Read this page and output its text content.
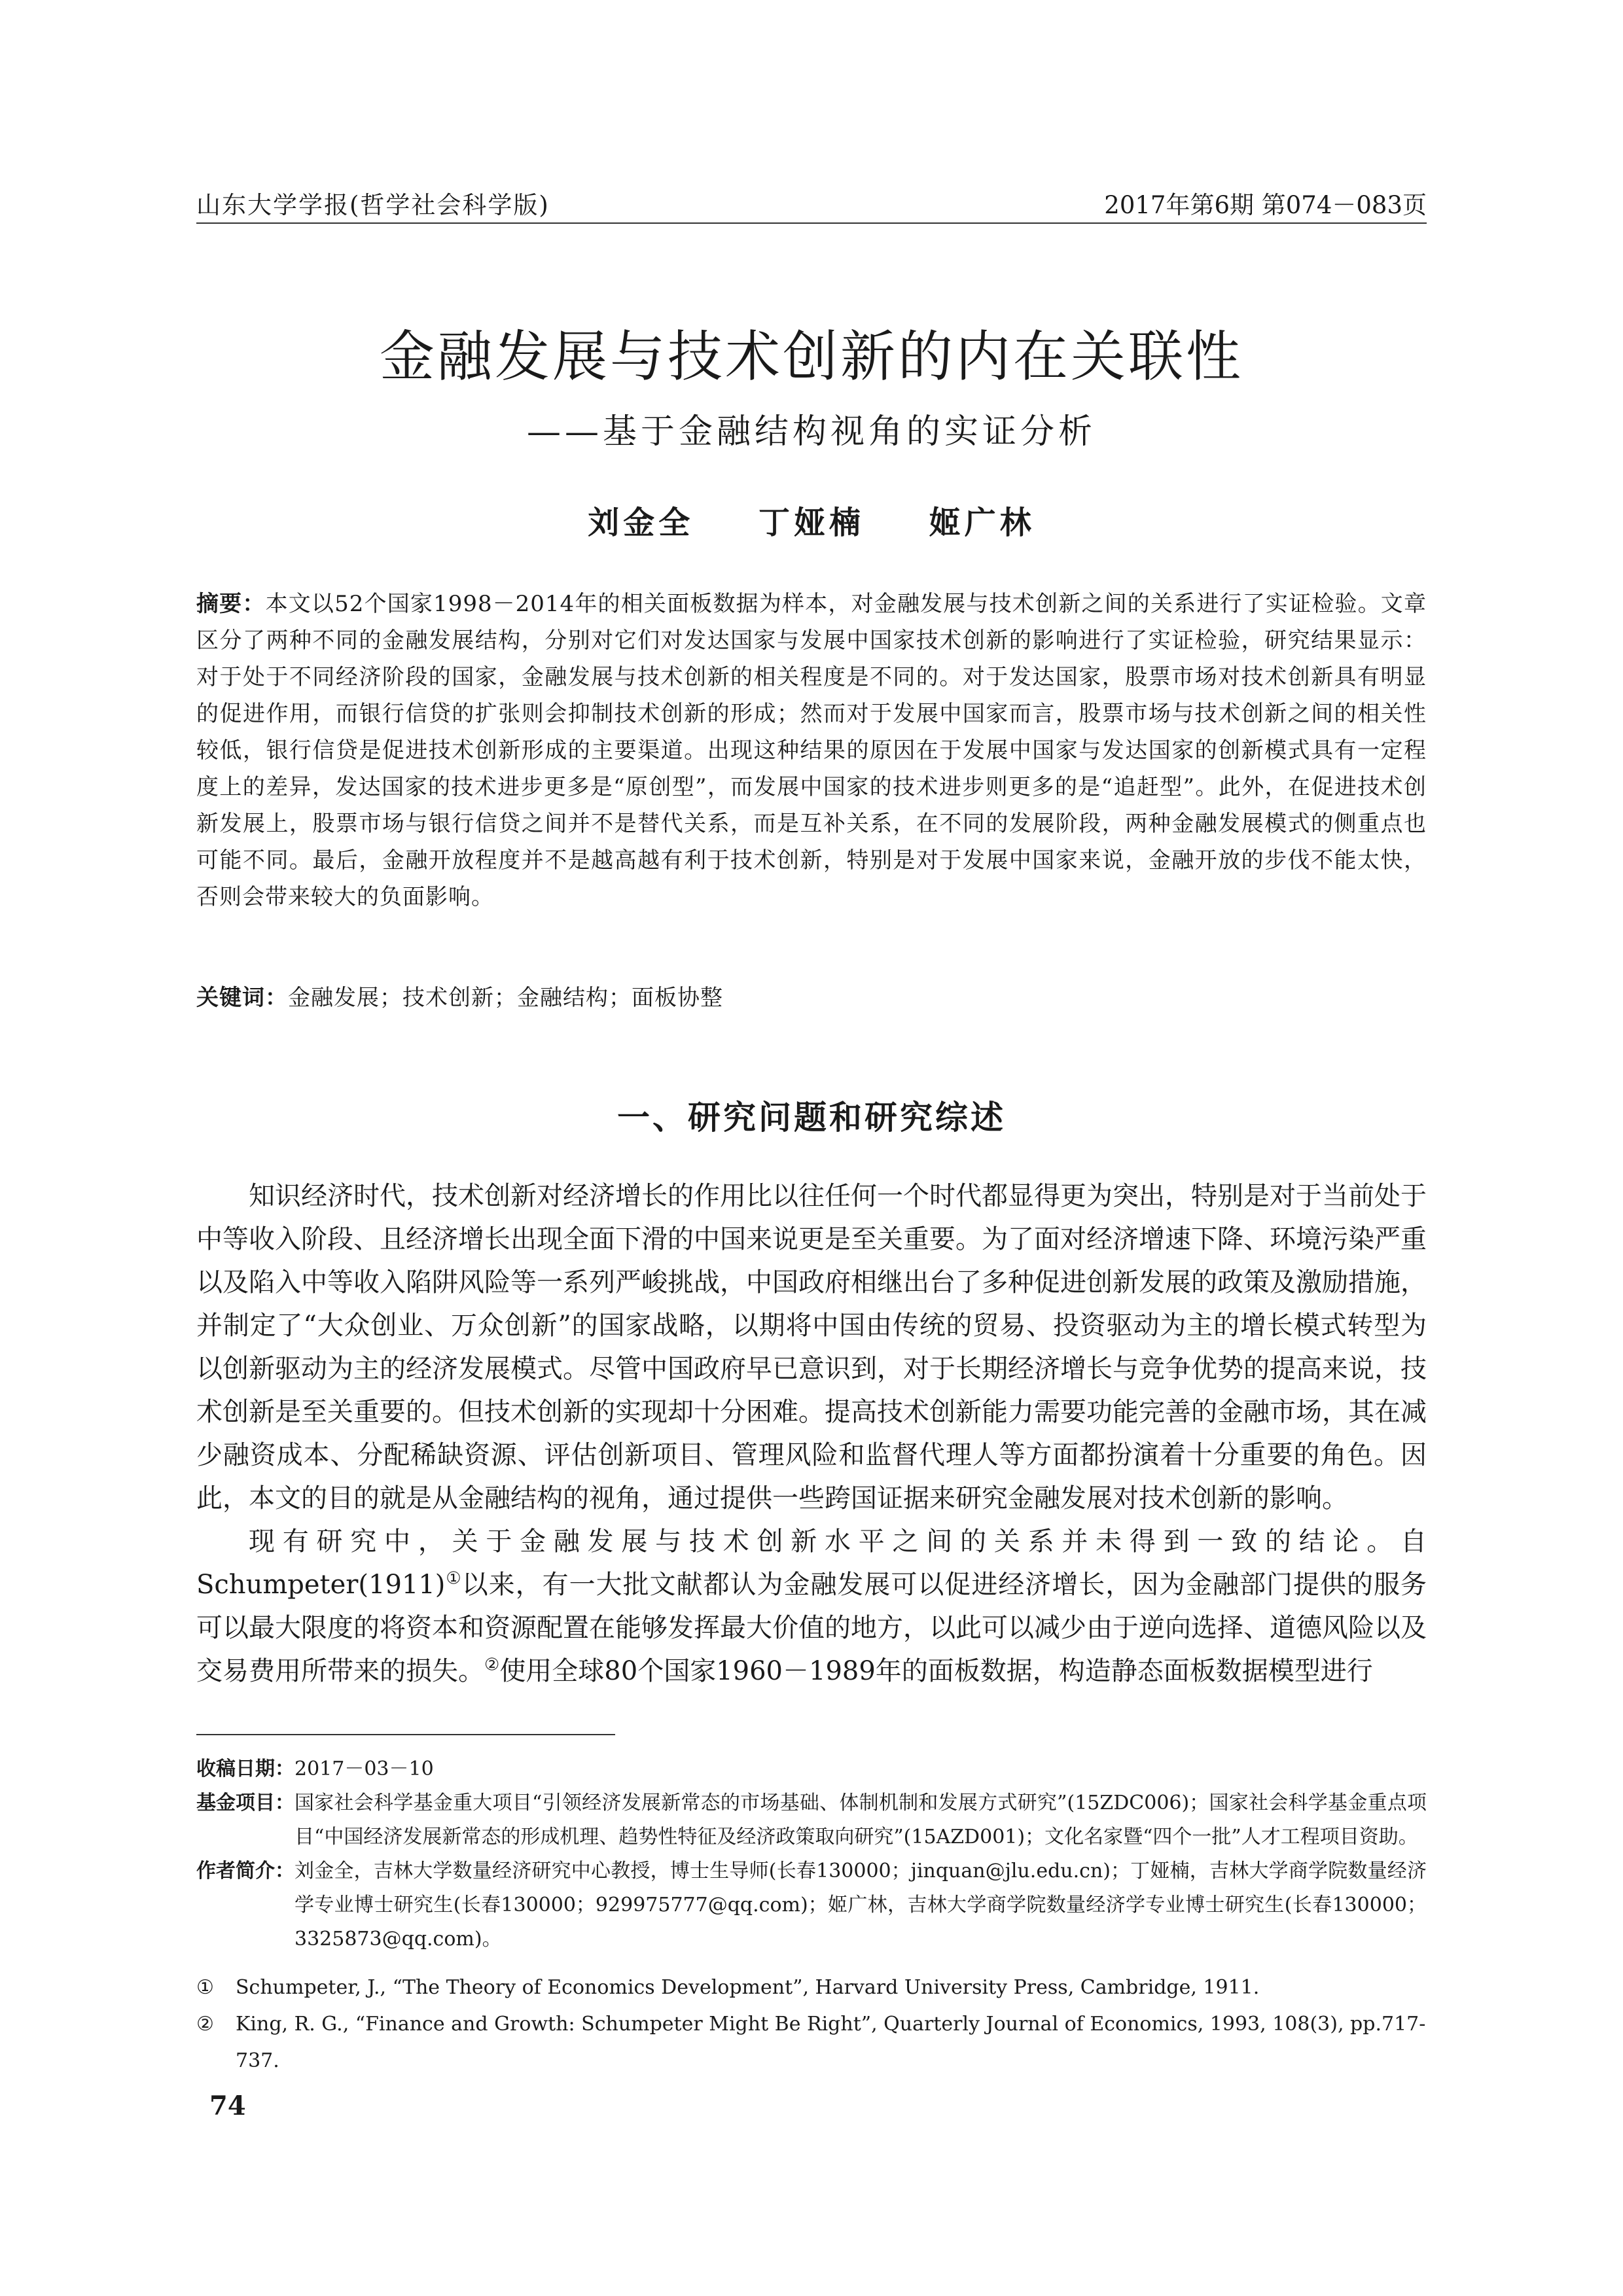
山东大学学报(哲学社会科学版)	2017年第6期 第074－083页
金融发展与技术创新的内在关联性
——基于金融结构视角的实证分析
刘金全 丁娅楠 姬广林
摘要：本文以52个国家1998－2014年的相关面板数据为样本，对金融发展与技术创新之间的关系进行了实证检验。文章区分了两种不同的金融发展结构，分别对它们对发达国家与发展中国家技术创新的影响进行了实证检验，研究结果显示：对于处于不同经济阶段的国家，金融发展与技术创新的相关程度是不同的。对于发达国家，股票市场对技术创新具有明显的促进作用，而银行信贷的扩张则会抑制技术创新的形成；然而对于发展中国家而言，股票市场与技术创新之间的相关性较低，银行信贷是促进技术创新形成的主要渠道。出现这种结果的原因在于发展中国家与发达国家的创新模式具有一定程度上的差异，发达国家的技术进步更多是“原创型”，而发展中国家的技术进步则更多的是“追赶型”。此外，在促进技术创新发展上，股票市场与银行信贷之间并不是替代关系，而是互补关系，在不同的发展阶段，两种金融发展模式的侧重点也可能不同。最后，金融开放程度并不是越高越有利于技术创新，特别是对于发展中国家来说，金融开放的步伐不能太快，否则会带来较大的负面影响。
关键词：金融发展；技术创新；金融结构；面板协整
一、研究问题和研究综述

知识经济时代，技术创新对经济增长的作用比以往任何一个时代都显得更为突出，特别是对于当前处于中等收入阶段、且经济增长出现全面下滑的中国来说更是至关重要。为了面对经济增速下降、环境污染严重以及陷入中等收入陷阱风险等一系列严峻挑战，中国政府相继出台了多种促进创新发展的政策及激励措施，并制定了“大众创业、万众创新”的国家战略，以期将中国由传统的贸易、投资驱动为主的增长模式转型为以创新驱动为主的经济发展模式。尽管中国政府早已意识到，对于长期经济增长与竞争优势的提高来说，技术创新是至关重要的。但技术创新的实现却十分困难。提高技术创新能力需要功能完善的金融市场，其在减少融资成本、分配稀缺资源、评估创新项目、管理风险和监督代理人等方面都扮演着十分重要的角色。因此，本文的目的就是从金融结构的视角，通过提供一些跨国证据来研究金融发展对技术创新的影响。

现有研究中，关于金融发展与技术创新水平之间的关系并未得到一致的结论。自Schumpeter(1911)①以来，有一大批文献都认为金融发展可以促进经济增长，因为金融部门提供的服务可以最大限度的将资本和资源配置在能够发挥最大价值的地方，以此可以减少由于逆向选择、道德风险以及交易费用所带来的损失。②使用全球80个国家1960－1989年的面板数据，构造静态面板数据模型进行

收稿日期： 2017－03－10
基金项目： 国家社会科学基金重大项目“引领经济发展新常态的市场基础、体制机制和发展方式研究”(15ZDC006)；国家社会科学基金重点项目“中国经济发展新常态的形成机理、趋势性特征及经济政策取向研究”(15AZD001)；文化名家暨“四个一批”人才工程项目资助。
作者简介： 刘金全，吉林大学数量经济研究中心教授，博士生导师(长春130000；jinquan@jlu.edu.cn)；丁娅楠，吉林大学商学院数量经济学专业博士研究生(长春130000；929975777@qq.com)；姬广林，吉林大学商学院数量经济学专业博士研究生(长春130000；3325873@qq.com)。
①	Schumpeter, J., “The Theory of Economics Development”, Harvard University Press, Cambridge, 1911.
②	King, R. G., “Finance and Growth: Schumpeter Might Be Right”, Quarterly Journal of Economics, 1993, 108(3), pp.717-737.
74
